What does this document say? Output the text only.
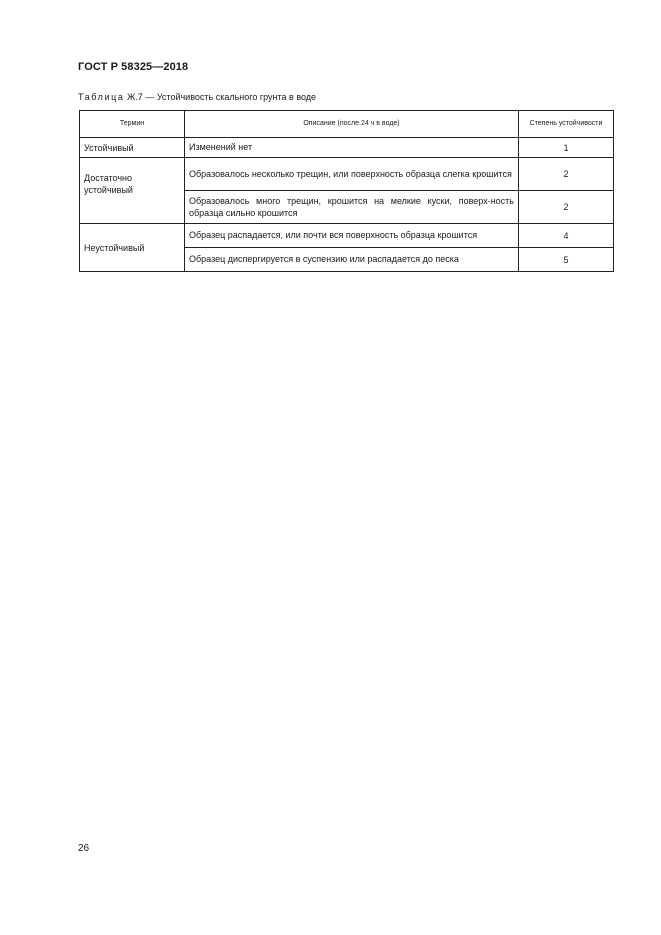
ГОСТ Р 58325—2018
Таблица Ж.7 — Устойчивость скального грунта в воде
Термин	Описание (после 24 ч в воде)	Степень устойчивости
Устойчивый	Изменений нет	1
Достаточно устойчивый	Образовалось несколько трещин, или поверхность образца слегка крошится	2
	Образовалось много трещин, крошится на мелкие куски, поверх-ность образца сильно крошится	2
Неустойчивый	Образец распадается, или почти вся поверхность образца крошится	4
	Образец диспергируется в суспензию или распадается до песка	5
26
